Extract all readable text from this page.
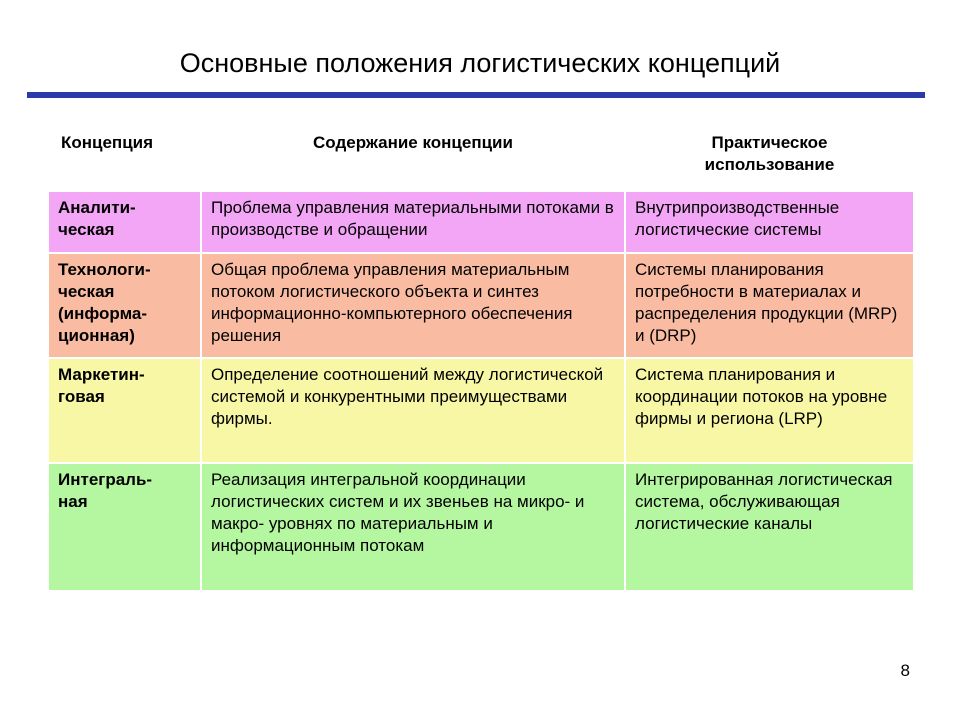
Основные положения логистических концепций
Концепция	Содержание концепции	Практическое
использование
Аналити-
ческая	Проблема управления материальными потоками в производстве и обращении	Внутрипроизводственные логистические системы
Технологи-
ческая
(информа-
ционная)	Общая проблема управления материальным потоком логистического объекта и синтез информационно-компьютерного обеспечения решения	Системы планирования потребности в материалах и распределения продукции (MRP) и (DRP)
Маркетин-
говая	Определение соотношений между логистической системой и конкурентными преимуществами фирмы.	Система планирования и координации потоков на уровне фирмы и региона (LRP)
Интеграль-
ная	Реализация интегральной координации логистических систем и их звеньев на микро- и макро- уровнях по материальным и информационным потокам	Интегрированная логистическая система, обслуживающая логистические каналы
8
